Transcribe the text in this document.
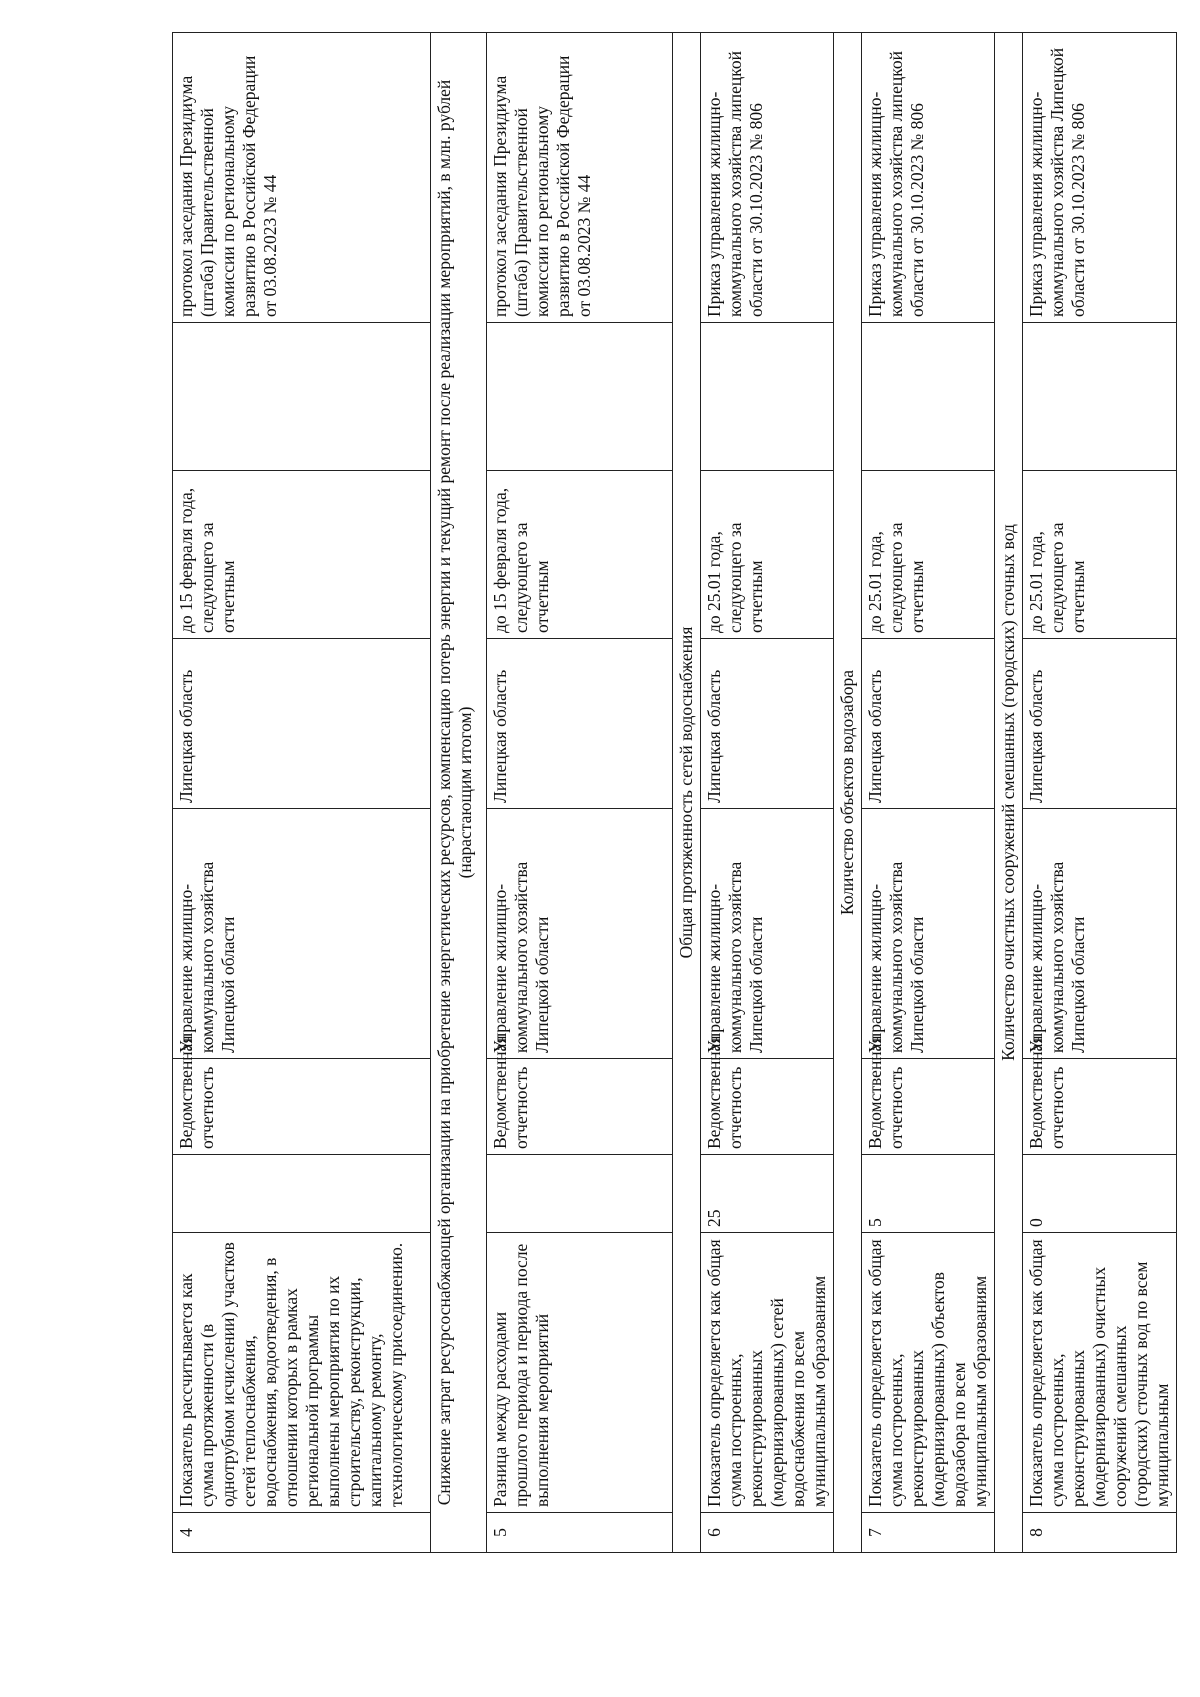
4	Показатель рассчитывается как сумма протяженности (в однотрубном исчислении) участков сетей теплоснабжения, водоснабжения, водоотведения, в отношении которых в рамках региональной программы выполнены мероприятия по их строительству, реконструкции, капитальному ремонту, технологическому присоединению.		Ведомственная отчетность	Управление жилищно-коммунального хозяйства Липецкой области	Липецкая область	до 15 февраля года, следующего за отчетным		протокол заседания Президиума (штаба) Правительственной комиссии по региональному развитию в Российской Федерации от 03.08.2023 № 44
Снижение затрат ресурсоснабжающей организации на приобретение энергетических ресурсов, компенсацию потерь энергии и текущий ремонт после реализации мероприятий, в млн. рублей (нарастающим итогом)								
5	Разница между расходами прошлого периода и периода после выполнения мероприятий		Ведомственная отчетность	Управление жилищно-коммунального хозяйства Липецкой области	Липецкая область	до 15 февраля года, следующего за отчетным		протокол заседания Президиума (штаба) Правительственной комиссии по региональному развитию в Российской Федерации от 03.08.2023 № 44
Общая протяженность сетей водоснабжения								
6	Показатель определяется как общая сумма построенных, реконструированных (модернизированных) сетей водоснабжения по всем муниципальным образованиям	25	Ведомственная отчетность	Управление жилищно-коммунального хозяйства Липецкой области	Липецкая область	до 25.01 года, следующего за отчетным		Приказ управления жилищно-коммунального хозяйства липецкой области от 30.10.2023 № 806
Количество объектов водозабора								
7	Показатель определяется как общая сумма построенных, реконструированных (модернизированных) объектов водозабора по всем муниципальным образованиям	5	Ведомственная отчетность	Управление жилищно-коммунального хозяйства Липецкой области	Липецкая область	до 25.01 года, следующего за отчетным		Приказ управления жилищно-коммунального хозяйства липецкой области от 30.10.2023 № 806
Количество очистных сооружений смешанных (городских) сточных вод								
8	Показатель определяется как общая сумма построенных, реконструированных (модернизированных) очистных сооружений смешанных (городских) сточных вод по всем муниципальным	0	Ведомственная отчетность	Управление жилищно-коммунального хозяйства Липецкой области	Липецкая область	до 25.01 года, следующего за отчетным		Приказ управления жилищно-коммунального хозяйства Липецкой области от 30.10.2023 № 806
